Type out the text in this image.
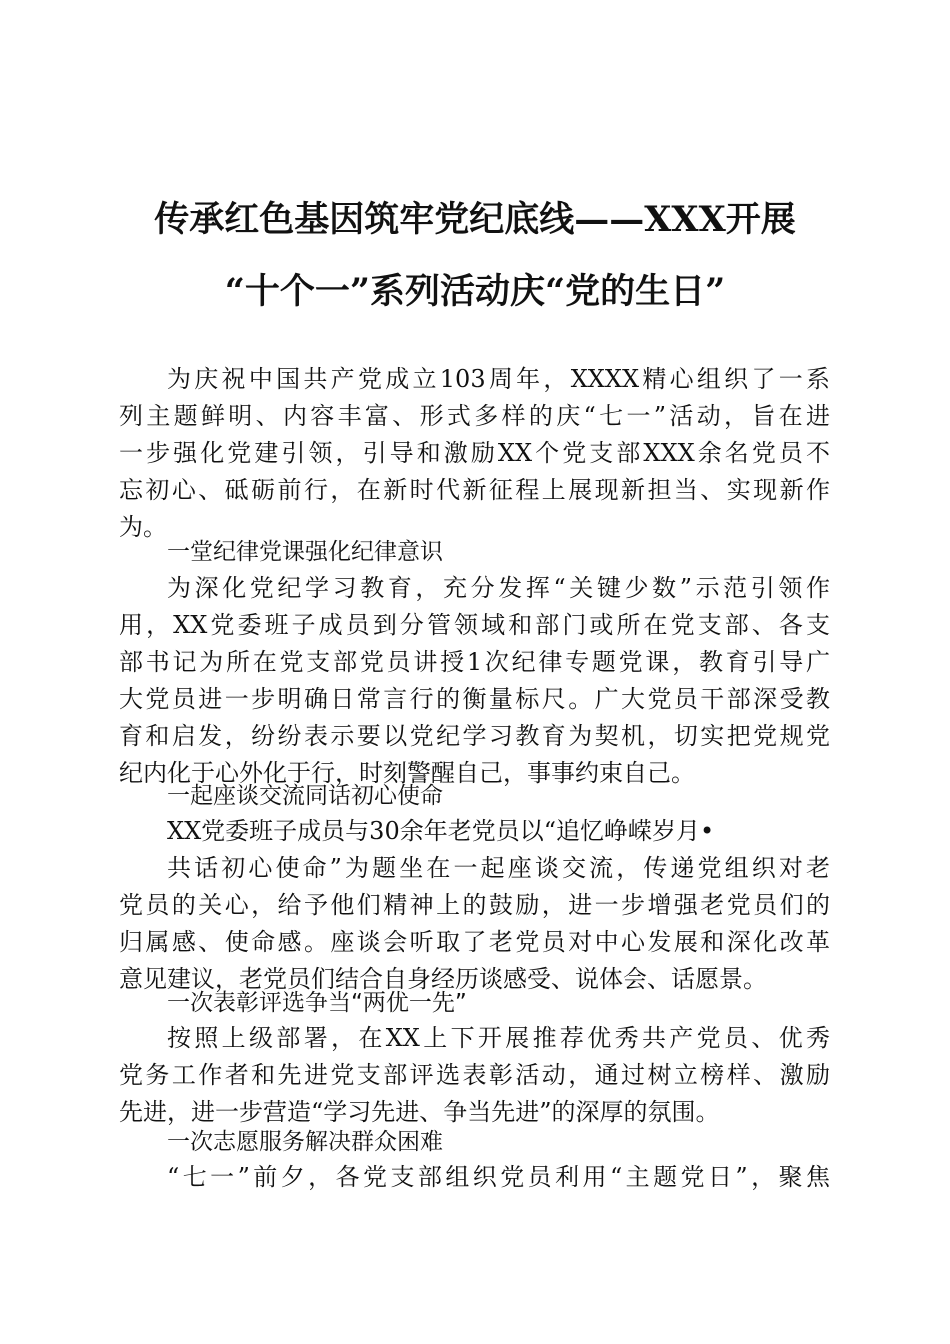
传承红色基因筑牢党纪底线——XXX开展
“十个一”系列活动庆“党的生日”
为庆祝中国共产党成立103周年，XXXX精心组织了一系
列主题鲜明、内容丰富、形式多样的庆“七一”活动，旨在进
一步强化党建引领，引导和激励XX个党支部XXX余名党员不
忘初心、砥砺前行，在新时代新征程上展现新担当、实现新作
为。
一堂纪律党课强化纪律意识
为深化党纪学习教育，充分发挥“关键少数”示范引领作
用，XX党委班子成员到分管领域和部门或所在党支部、各支
部书记为所在党支部党员讲授1次纪律专题党课，教育引导广
大党员进一步明确日常言行的衡量标尺。广大党员干部深受教
育和启发，纷纷表示要以党纪学习教育为契机，切实把党规党
纪内化于心外化于行，时刻警醒自己，事事约束自己。
一起座谈交流同话初心使命
XX党委班子成员与30余年老党员以“追忆峥嵘岁月•
共话初心使命”为题坐在一起座谈交流，传递党组织对老
党员的关心，给予他们精神上的鼓励，进一步增强老党员们的
归属感、使命感。座谈会听取了老党员对中心发展和深化改革
意见建议，老党员们结合自身经历谈感受、说体会、话愿景。
一次表彰评选争当“两优一先”
按照上级部署，在XX上下开展推荐优秀共产党员、优秀
党务工作者和先进党支部评选表彰活动，通过树立榜样、激励
先进，进一步营造“学习先进、争当先进”的深厚的氛围。
一次志愿服务解决群众困难
“七一”前夕，各党支部组织党员利用“主题党日”，聚焦
